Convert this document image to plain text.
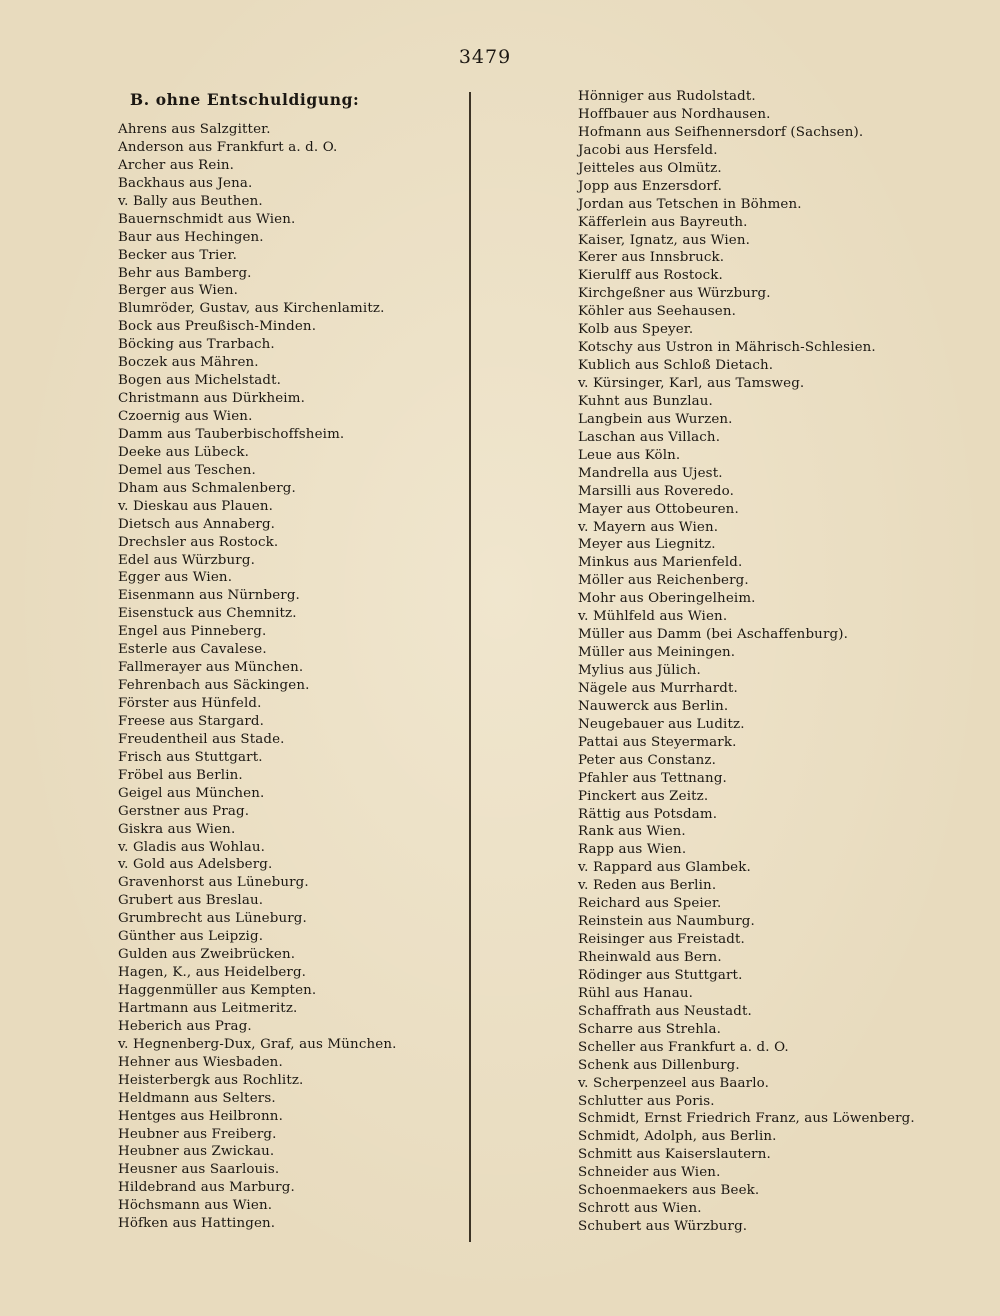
3479
B. ohne Entschuldigung:
Ahrens aus Salzgitter.
Anderson aus Frankfurt a. d. O.
Archer aus Rein.
Backhaus aus Jena.
v. Bally aus Beuthen.
Bauernschmidt aus Wien.
Baur aus Hechingen.
Becker aus Trier.
Behr aus Bamberg.
Berger aus Wien.
Blumröder, Gustav, aus Kirchenlamitz.
Bock aus Preußisch-Minden.
Böcking aus Trarbach.
Boczek aus Mähren.
Bogen aus Michelstadt.
Christmann aus Dürkheim.
Czoernig aus Wien.
Damm aus Tauberbischoffsheim.
Deeke aus Lübeck.
Demel aus Teschen.
Dham aus Schmalenberg.
v. Dieskau aus Plauen.
Dietsch aus Annaberg.
Drechsler aus Rostock.
Edel aus Würzburg.
Egger aus Wien.
Eisenmann aus Nürnberg.
Eisenstuck aus Chemnitz.
Engel aus Pinneberg.
Esterle aus Cavalese.
Fallmerayer aus München.
Fehrenbach aus Säckingen.
Förster aus Hünfeld.
Freese aus Stargard.
Freudentheil aus Stade.
Frisch aus Stuttgart.
Fröbel aus Berlin.
Geigel aus München.
Gerstner aus Prag.
Giskra aus Wien.
v. Gladis aus Wohlau.
v. Gold aus Adelsberg.
Gravenhorst aus Lüneburg.
Grubert aus Breslau.
Grumbrecht aus Lüneburg.
Günther aus Leipzig.
Gulden aus Zweibrücken.
Hagen, K., aus Heidelberg.
Haggenmüller aus Kempten.
Hartmann aus Leitmeritz.
Heberich aus Prag.
v. Hegnenberg-Dux, Graf, aus München.
Hehner aus Wiesbaden.
Heisterbergk aus Rochlitz.
Heldmann aus Selters.
Hentges aus Heilbronn.
Heubner aus Freiberg.
Heubner aus Zwickau.
Heusner aus Saarlouis.
Hildebrand aus Marburg.
Höchsmann aus Wien.
Höfken aus Hattingen.
Hönniger aus Rudolstadt.
Hoffbauer aus Nordhausen.
Hofmann aus Seifhennersdorf (Sachsen).
Jacobi aus Hersfeld.
Jeitteles aus Olmütz.
Jopp aus Enzersdorf.
Jordan aus Tetschen in Böhmen.
Käfferlein aus Bayreuth.
Kaiser, Ignatz, aus Wien.
Kerer aus Innsbruck.
Kierulff aus Rostock.
Kirchgeßner aus Würzburg.
Köhler aus Seehausen.
Kolb aus Speyer.
Kotschy aus Ustron in Mährisch-Schlesien.
Kublich aus Schloß Dietach.
v. Kürsinger, Karl, aus Tamsweg.
Kuhnt aus Bunzlau.
Langbein aus Wurzen.
Laschan aus Villach.
Leue aus Köln.
Mandrella aus Ujest.
Marsilli aus Roveredo.
Mayer aus Ottobeuren.
v. Mayern aus Wien.
Meyer aus Liegnitz.
Minkus aus Marienfeld.
Möller aus Reichenberg.
Mohr aus Oberingelheim.
v. Mühlfeld aus Wien.
Müller aus Damm (bei Aschaffenburg).
Müller aus Meiningen.
Mylius aus Jülich.
Nägele aus Murrhardt.
Nauwerck aus Berlin.
Neugebauer aus Luditz.
Pattai aus Steyermark.
Peter aus Constanz.
Pfahler aus Tettnang.
Pinckert aus Zeitz.
Rättig aus Potsdam.
Rank aus Wien.
Rapp aus Wien.
v. Rappard aus Glambek.
v. Reden aus Berlin.
Reichard aus Speier.
Reinstein aus Naumburg.
Reisinger aus Freistadt.
Rheinwald aus Bern.
Rödinger aus Stuttgart.
Rühl aus Hanau.
Schaffrath aus Neustadt.
Scharre aus Strehla.
Scheller aus Frankfurt a. d. O.
Schenk aus Dillenburg.
v. Scherpenzeel aus Baarlo.
Schlutter aus Poris.
Schmidt, Ernst Friedrich Franz, aus Löwenberg.
Schmidt, Adolph, aus Berlin.
Schmitt aus Kaiserslautern.
Schneider aus Wien.
Schoenmaekers aus Beek.
Schrott aus Wien.
Schubert aus Würzburg.
